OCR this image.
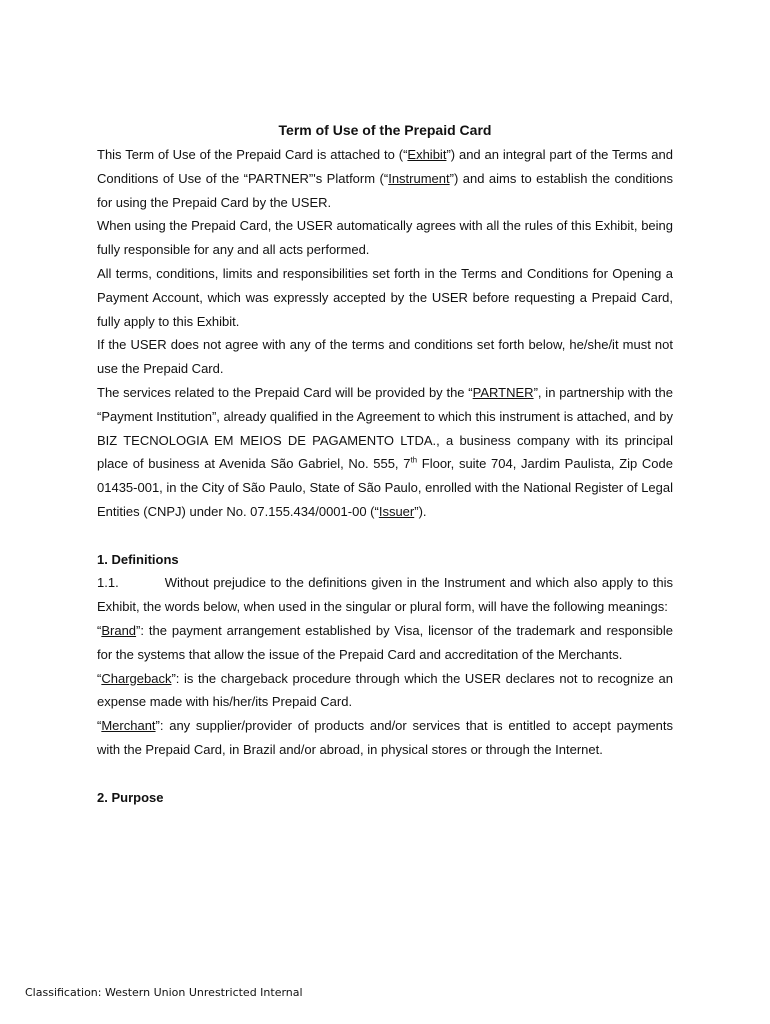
Term of Use of the Prepaid Card

This Term of Use of the Prepaid Card is attached to (“Exhibit”) and an integral part of the Terms and Conditions of Use of the “PARTNER”'s Platform (“Instrument”) and aims to establish the conditions for using the Prepaid Card by the USER.

When using the Prepaid Card, the USER automatically agrees with all the rules of this Exhibit, being fully responsible for any and all acts performed.

All terms, conditions, limits and responsibilities set forth in the Terms and Conditions for Opening a Payment Account, which was expressly accepted by the USER before requesting a Prepaid Card, fully apply to this Exhibit.

If the USER does not agree with any of the terms and conditions set forth below, he/she/it must not use the Prepaid Card.

The services related to the Prepaid Card will be provided by the “PARTNER”, in partnership with the “Payment Institution”, already qualified in the Agreement to which this instrument is attached, and by BIZ TECNOLOGIA EM MEIOS DE PAGAMENTO LTDA., a business company with its principal place of business at Avenida São Gabriel, No. 555, 7th Floor, suite 704, Jardim Paulista, Zip Code 01435-001, in the City of São Paulo, State of São Paulo, enrolled with the National Register of Legal Entities (CNPJ) under No. 07.155.434/0001-00 (“Issuer”).

1. Definitions

1.1.	Without prejudice to the definitions given in the Instrument and which also apply to this Exhibit, the words below, when used in the singular or plural form, will have the following meanings:

“Brand”: the payment arrangement established by Visa, licensor of the trademark and responsible for the systems that allow the issue of the Prepaid Card and accreditation of the Merchants.

“Chargeback”: is the chargeback procedure through which the USER declares not to recognize an expense made with his/her/its Prepaid Card.

“Merchant”: any supplier/provider of products and/or services that is entitled to accept payments with the Prepaid Card, in Brazil and/or abroad, in physical stores or through the Internet.

2. Purpose

Classification: Western Union Unrestricted Internal
